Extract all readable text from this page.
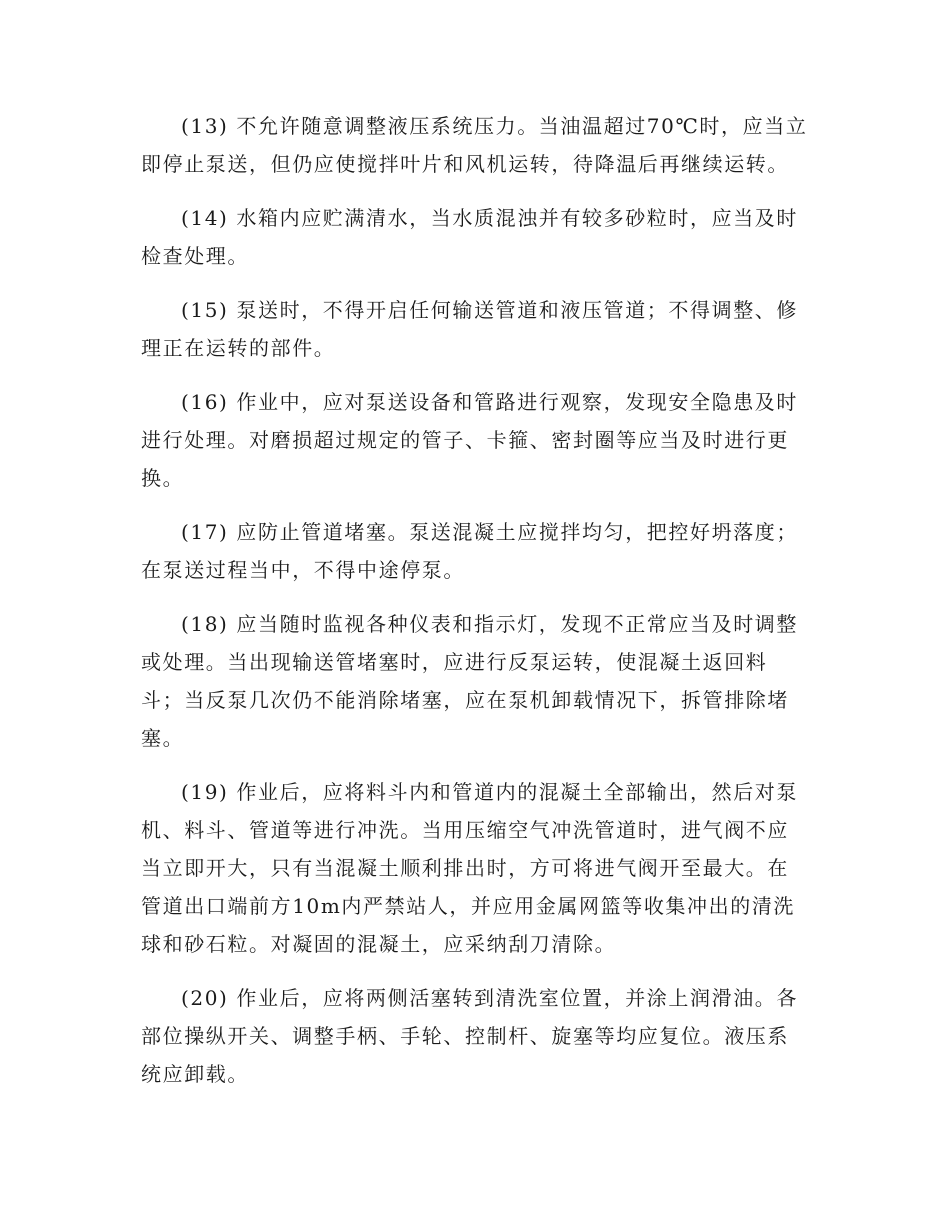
(13) 不允许随意调整液压系统压力。当油温超过70℃时，应当立
即停止泵送，但仍应使搅拌叶片和风机运转，待降温后再继续运转。

(14) 水箱内应贮满清水，当水质混浊并有较多砂粒时，应当及时
检查处理。

(15) 泵送时，不得开启任何输送管道和液压管道；不得调整、修
理正在运转的部件。

(16) 作业中，应对泵送设备和管路进行观察，发现安全隐患及时
进行处理。对磨损超过规定的管子、卡箍、密封圈等应当及时进行更
换。

(17) 应防止管道堵塞。泵送混凝土应搅拌均匀，把控好坍落度；
在泵送过程当中，不得中途停泵。

(18) 应当随时监视各种仪表和指示灯，发现不正常应当及时调整
或处理。当出现输送管堵塞时，应进行反泵运转，使混凝土返回料
斗；当反泵几次仍不能消除堵塞，应在泵机卸载情况下，拆管排除堵
塞。

(19) 作业后，应将料斗内和管道内的混凝土全部输出，然后对泵
机、料斗、管道等进行冲洗。当用压缩空气冲洗管道时，进气阀不应
当立即开大，只有当混凝土顺利排出时，方可将进气阀开至最大。在
管道出口端前方10m内严禁站人，并应用金属网篮等收集冲出的清洗
球和砂石粒。对凝固的混凝土，应采纳刮刀清除。

(20) 作业后，应将两侧活塞转到清洗室位置，并涂上润滑油。各
部位操纵开关、调整手柄、手轮、控制杆、旋塞等均应复位。液压系
统应卸载。
